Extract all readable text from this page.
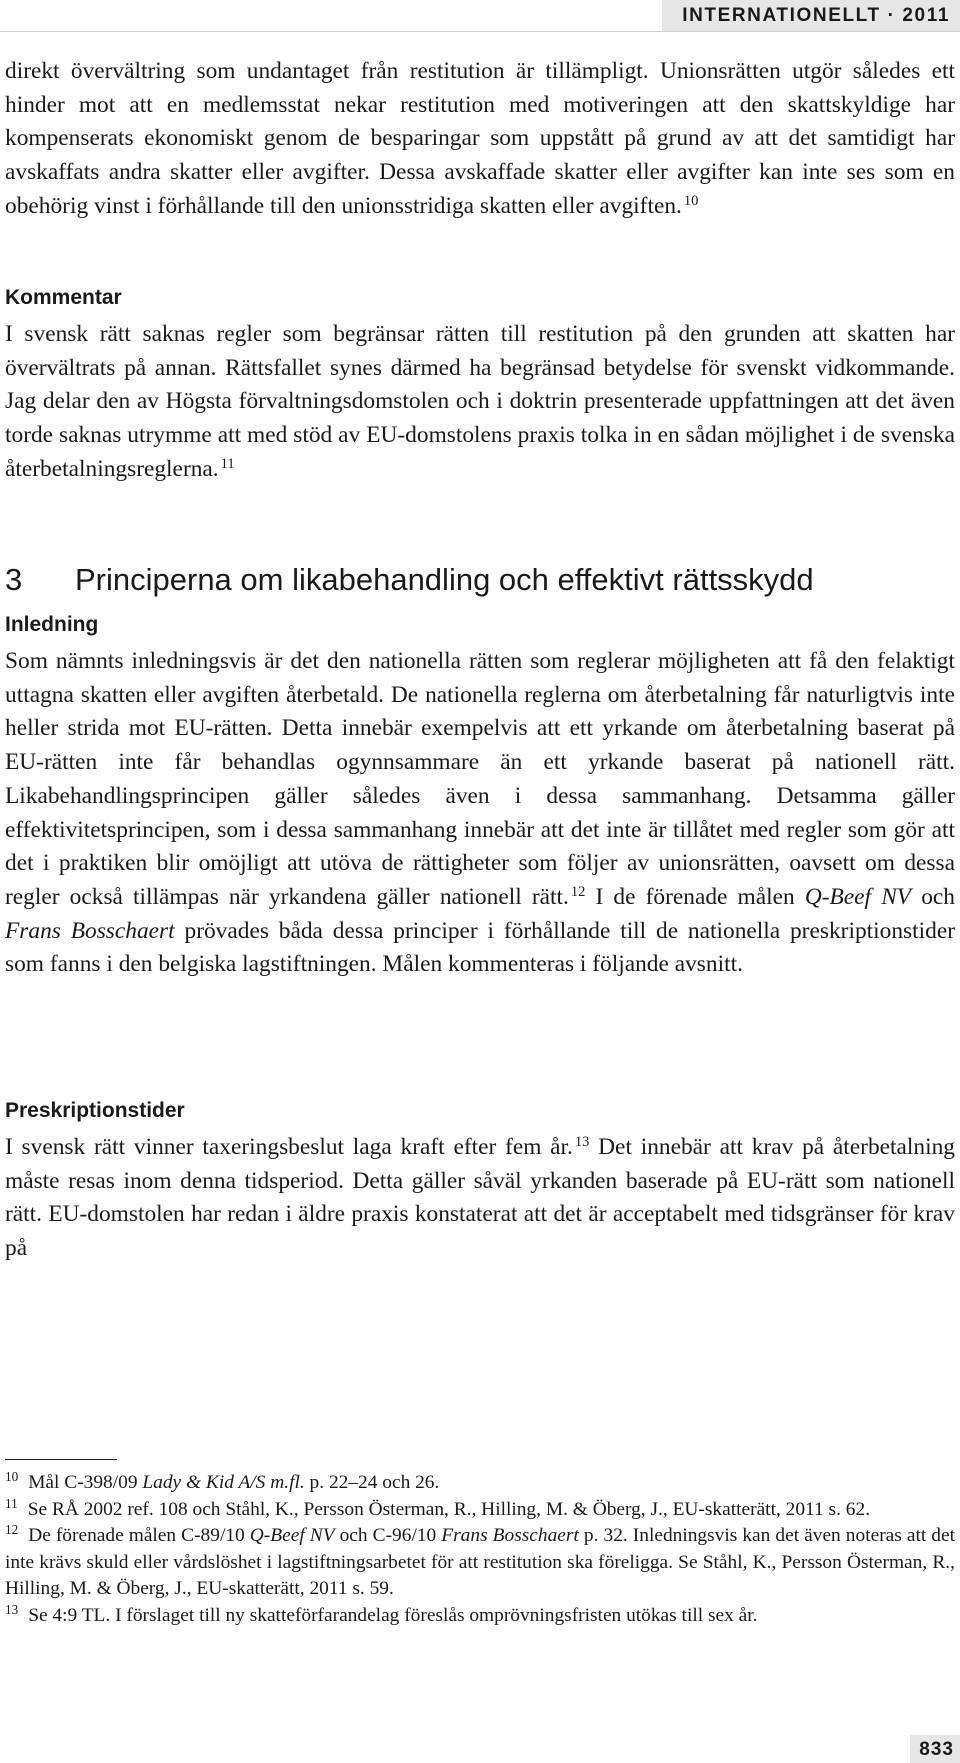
INTERNATIONELLT · 2011

direkt övervältring som undantaget från restitution är tillämpligt. Unionsrätten utgör således ett hinder mot att en medlemsstat nekar restitution med motiveringen att den skattskyldige har kompenserats ekonomiskt genom de besparingar som uppstått på grund av att det samtidigt har avskaffats andra skatter eller avgifter. Dessa avskaffade skatter eller avgifter kan inte ses som en obehörig vinst i förhållande till den unionsstridiga skatten eller avgiften. $^{10}$

Kommentar

I svensk rätt saknas regler som begränsar rätten till restitution på den grunden att skatten har övervältrats på annan. Rättsfallet synes därmed ha begränsad betydelse för svenskt vidkommande. Jag delar den av Högsta förvaltningsdomstolen och i doktrin presenterade uppfattningen att det även torde saknas utrymme att med stöd av EU-domstolens praxis tolka in en sådan möjlighet i de svenska återbetalningsreglerna. $^{11}$

3	Principerna om likabehandling och effektivt rättsskydd
Inledning

Som nämnts inledningsvis är det den nationella rätten som reglerar möjligheten att få den felaktigt uttagna skatten eller avgiften återbetald. De nationella reglerna om återbetalning får naturligtvis inte heller strida mot EU-rätten. Detta innebär exempelvis att ett yrkande om återbetalning baserat på EU-rätten inte får behandlas ogynnsammare än ett yrkande baserat på nationell rätt. Likabehandlingsprincipen gäller således även i dessa sammanhang. Detsamma gäller effektivitetsprincipen, som i dessa sammanhang innebär att det inte är tillåtet med regler som gör att det i praktiken blir omöjligt att utöva de rättigheter som följer av unionsrätten, oavsett om dessa regler också tillämpas när yrkandena gäller nationell rätt. $^{12}$ I de förenade målen Q-Beef NV och Frans Bosschaert prövades båda dessa principer i förhållande till de nationella preskriptionstider som fanns i den belgiska lagstiftningen. Målen kommenteras i följande avsnitt.

Preskriptionstider

I svensk rätt vinner taxeringsbeslut laga kraft efter fem år. $^{13}$ Det innebär att krav på återbetalning måste resas inom denna tidsperiod. Detta gäller såväl yrkanden baserade på EU-rätt som nationell rätt. EU-domstolen har redan i äldre praxis konstaterat att det är acceptabelt med tidsgränser för krav på

$^{10}$ Mål C-398/09 Lady & Kid A/S m.fl. p. 22–24 och 26.

$^{11}$ Se RÅ 2002 ref. 108 och Ståhl, K., Persson Österman, R., Hilling, M. & Öberg, J., EU-skatterätt, 2011 s. 62.

$^{12}$ De förenade målen C-89/10 Q-Beef NV och C-96/10 Frans Bosschaert p. 32. Inledningsvis kan det även noteras att det inte krävs skuld eller vårdslöshet i lagstiftningsarbetet för att restitution ska föreligga. Se Ståhl, K., Persson Österman, R., Hilling, M. & Öberg, J., EU-skatterätt, 2011 s. 59.

$^{13}$ Se 4:9 TL. I förslaget till ny skatteförfarandelag föreslås omprövningsfristen utökas till sex år.

833
